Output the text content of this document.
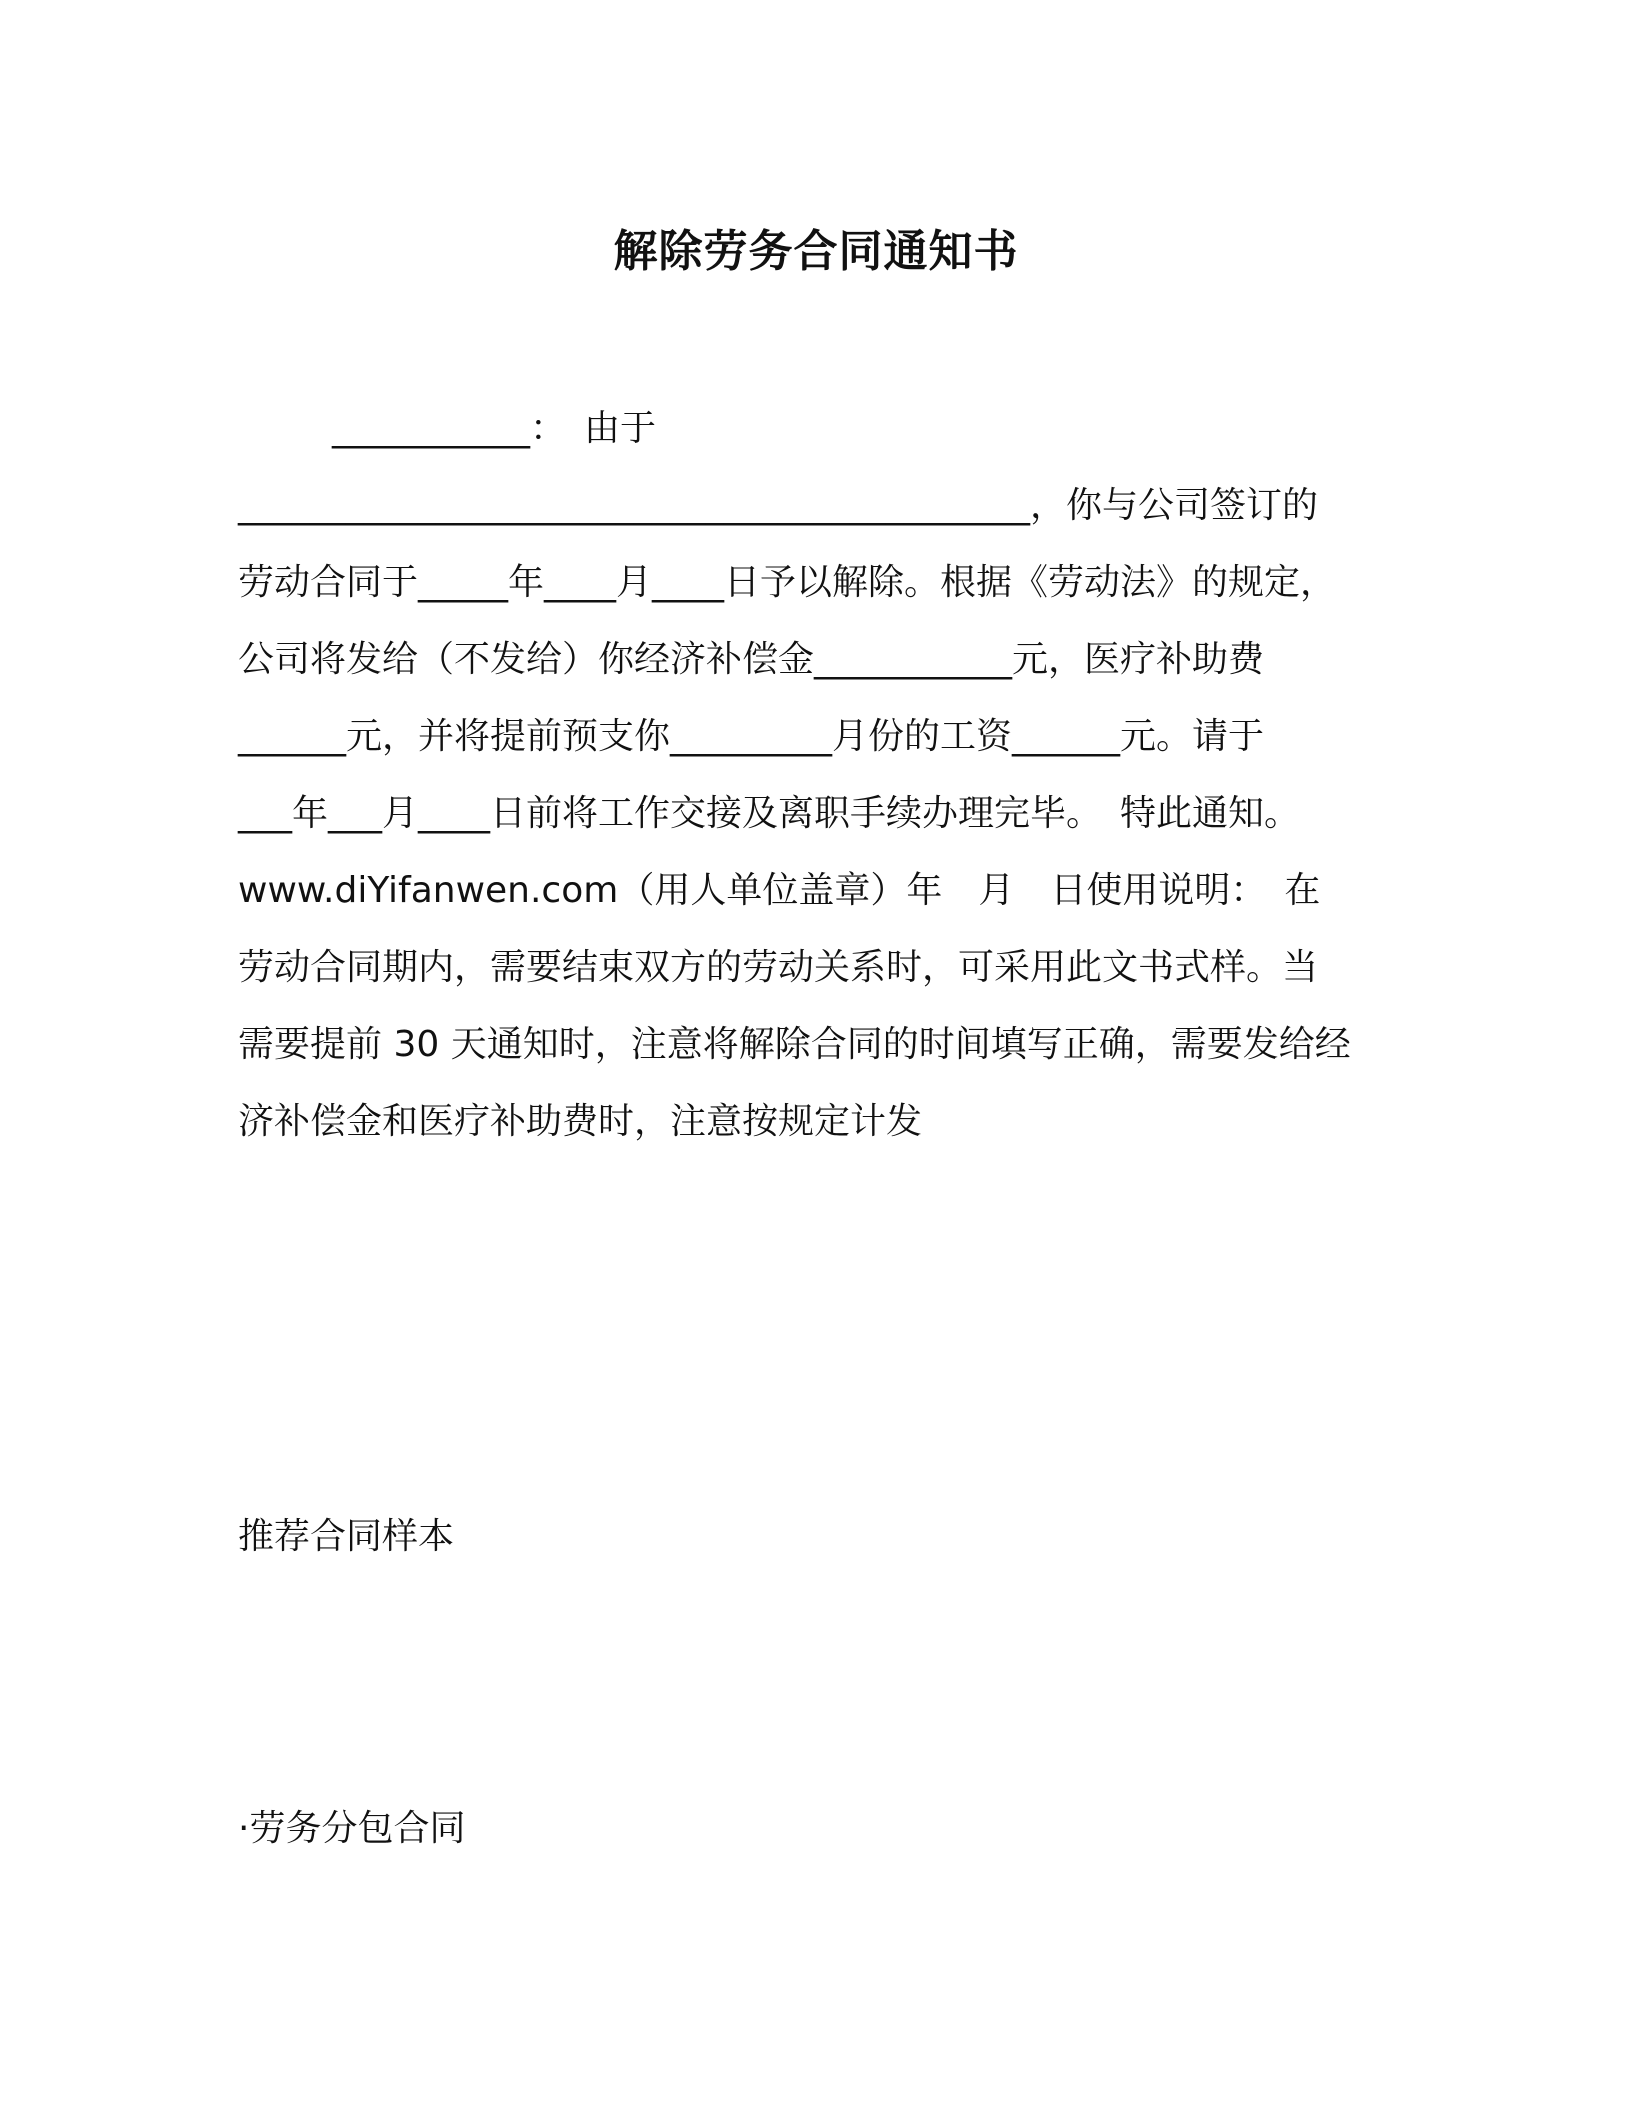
解除劳务合同通知书
___________：　由于
____________________________________________，你与公司签订的
劳动合同于_____年____月____日予以解除。根据《劳动法》的规定，
公司将发给（不发给）你经济补偿金___________元，医疗补助费
______元，并将提前预支你_________月份的工资______元。请于
___年___月____日前将工作交接及离职手续办理完毕。　特此通知。
www.diYifanwen.com（用人单位盖章）年　月　日使用说明：　在
劳动合同期内，需要结束双方的劳动关系时，可采用此文书式样。当
需要提前 30 天通知时，注意将解除合同的时间填写正确，需要发给经
济补偿金和医疗补助费时，注意按规定计发
推荐合同样本
·劳务分包合同
